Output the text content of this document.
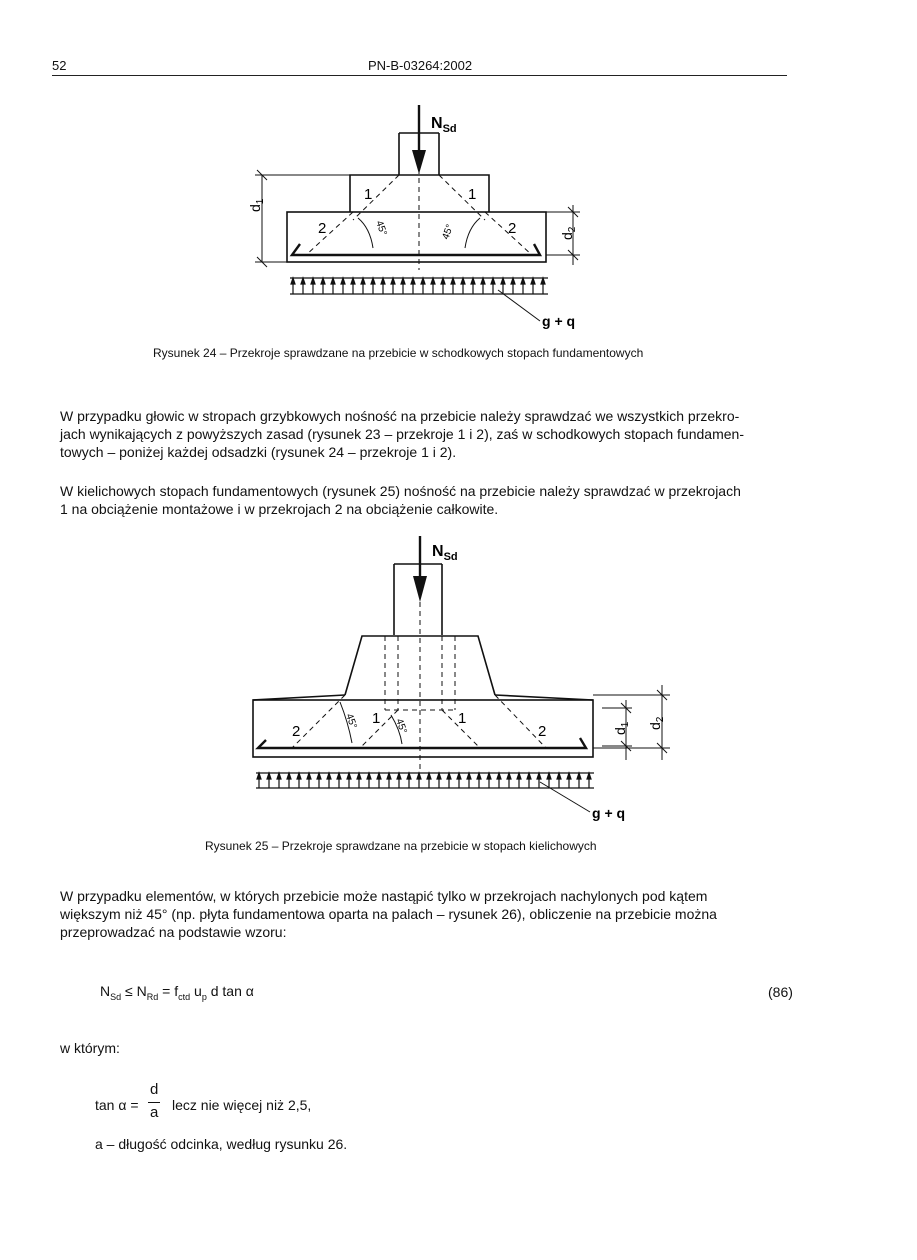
52	PN-B-03264:2002
$N_{Sd}$
1	1
2	2
45°	45°
$d_1$
$d_2$
g + q
Rysunek 24 – Przekroje sprawdzane na przebicie w schodkowych stopach fundamentowych
W przypadku głowic w stropach grzybkowych nośność na przebicie należy sprawdzać we wszystkich przekro-
jach wynikających z powyższych zasad (rysunek 23 – przekroje 1 i 2), zaś w schodkowych stopach fundamen-
towych – poniżej każdej odsadzki (rysunek 24 – przekroje 1 i 2).
W kielichowych stopach fundamentowych (rysunek 25) nośność na przebicie należy sprawdzać w przekrojach
1 na obciążenie montażowe i w przekrojach 2 na obciążenie całkowite.
$N_{Sd}$
1	1
2	2
45°	45°	$d_1$ $d_2$
g + q
Rysunek 25 – Przekroje sprawdzane na przebicie w stopach kielichowych
W przypadku elementów, w których przebicie może nastąpić tylko w przekrojach nachylonych pod kątem
większym niż 45° (np. płyta fundamentowa oparta na palach – rysunek 26), obliczenie na przebicie można
przeprowadzać na podstawie wzoru:
$N_{Sd} \le N_{Rd} = f_{ctd}$ $u_p$ d tan α	(86)
w którym:
tan α =
d
a lecz nie więcej niż 2,5,
a – długość odcinka, według rysunku 26.
